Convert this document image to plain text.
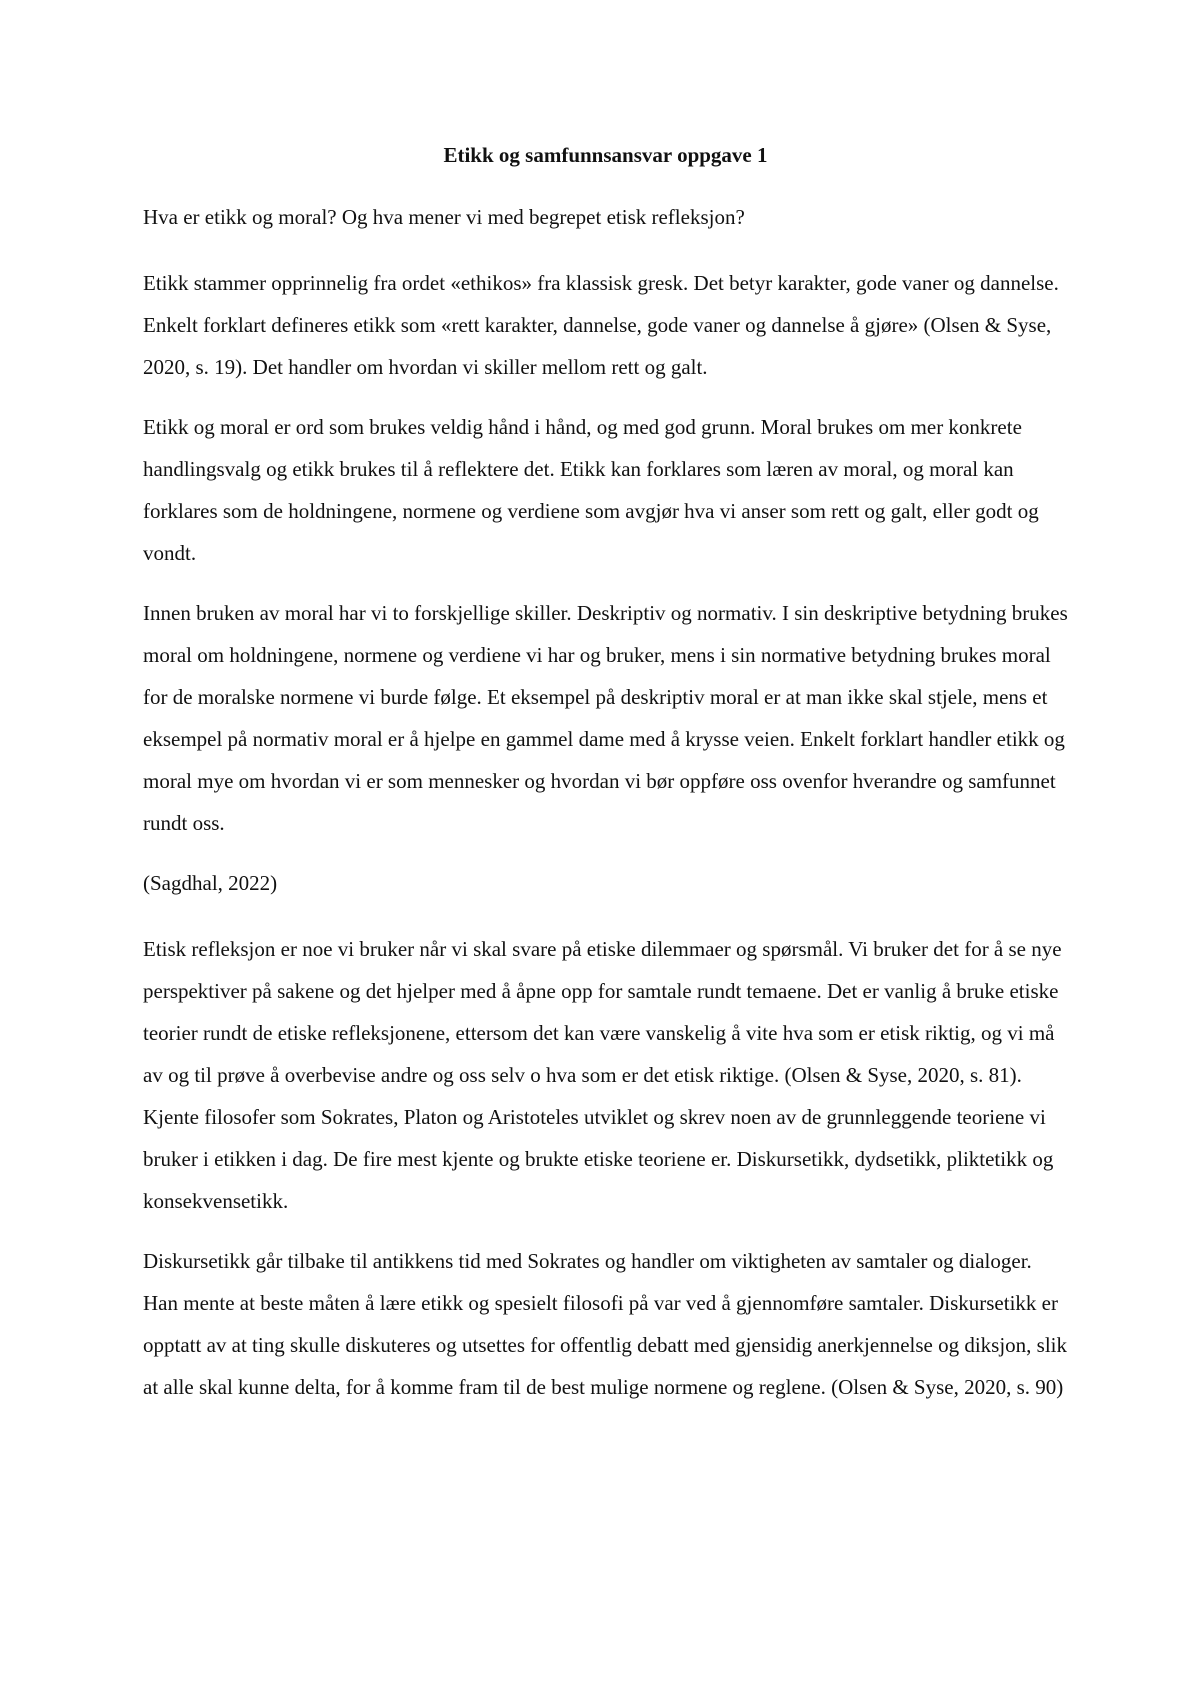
Etikk og samfunnsansvar oppgave 1

Hva er etikk og moral? Og hva mener vi med begrepet etisk refleksjon?

Etikk stammer opprinnelig fra ordet «ethikos» fra klassisk gresk. Det betyr karakter, gode vaner og dannelse. Enkelt forklart defineres etikk som «rett karakter, dannelse, gode vaner og dannelse å gjøre» (Olsen & Syse, 2020, s. 19). Det handler om hvordan vi skiller mellom rett og galt.

Etikk og moral er ord som brukes veldig hånd i hånd, og med god grunn. Moral brukes om mer konkrete handlingsvalg og etikk brukes til å reflektere det. Etikk kan forklares som læren av moral, og moral kan forklares som de holdningene, normene og verdiene som avgjør hva vi anser som rett og galt, eller godt og vondt.

Innen bruken av moral har vi to forskjellige skiller. Deskriptiv og normativ. I sin deskriptive betydning brukes moral om holdningene, normene og verdiene vi har og bruker, mens i sin normative betydning brukes moral for de moralske normene vi burde følge. Et eksempel på deskriptiv moral er at man ikke skal stjele, mens et eksempel på normativ moral er å hjelpe en gammel dame med å krysse veien. Enkelt forklart handler etikk og moral mye om hvordan vi er som mennesker og hvordan vi bør oppføre oss ovenfor hverandre og samfunnet rundt oss.

(Sagdhal, 2022)

Etisk refleksjon er noe vi bruker når vi skal svare på etiske dilemmaer og spørsmål. Vi bruker det for å se nye perspektiver på sakene og det hjelper med å åpne opp for samtale rundt temaene. Det er vanlig å bruke etiske teorier rundt de etiske refleksjonene, ettersom det kan være vanskelig å vite hva som er etisk riktig, og vi må av og til prøve å overbevise andre og oss selv o hva som er det etisk riktige. (Olsen & Syse, 2020, s. 81). Kjente filosofer som Sokrates, Platon og Aristoteles utviklet og skrev noen av de grunnleggende teoriene vi bruker i etikken i dag. De fire mest kjente og brukte etiske teoriene er. Diskursetikk, dydsetikk, pliktetikk og konsekvensetikk.

Diskursetikk går tilbake til antikkens tid med Sokrates og handler om viktigheten av samtaler og dialoger. Han mente at beste måten å lære etikk og spesielt filosofi på var ved å gjennomføre samtaler. Diskursetikk er opptatt av at ting skulle diskuteres og utsettes for offentlig debatt med gjensidig anerkjennelse og diksjon, slik at alle skal kunne delta, for å komme fram til de best mulige normene og reglene. (Olsen & Syse, 2020, s. 90)
